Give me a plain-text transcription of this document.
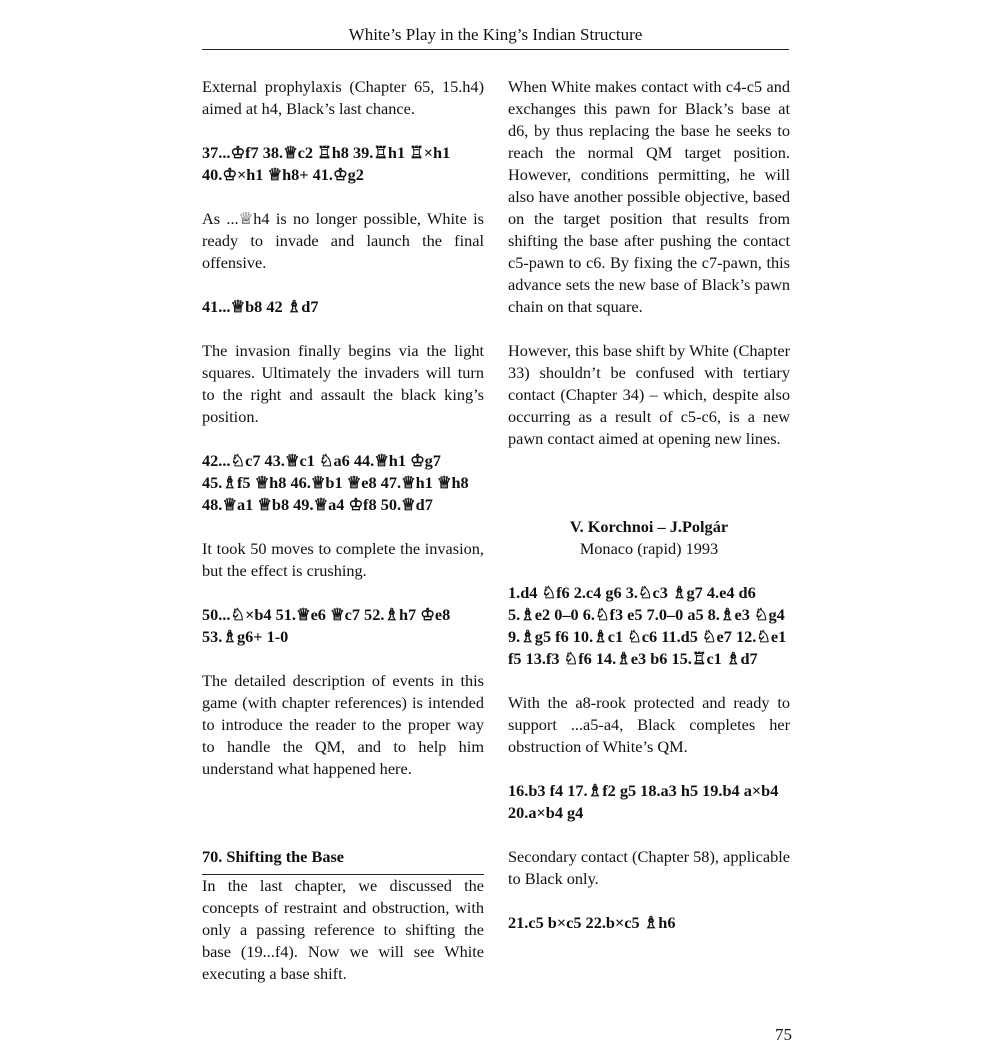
White’s Play in the King’s Indian Structure

External prophylaxis (Chapter 65, 15.h4) aimed at h4, Black’s last chance.

37...♔f7 38.♕c2 ♖h8 39.♖h1 ♖×h1 40.♔×h1 ♕h8+ 41.♔g2

As ...♕h4 is no longer possible, White is ready to invade and launch the final offensive.

41...♕b8 42 ♗d7

The invasion finally begins via the light squares. Ultimately the invaders will turn to the right and assault the black king’s position.

42...♘c7 43.♕c1 ♘a6 44.♕h1 ♔g7 45.♗f5 ♕h8 46.♕b1 ♕e8 47.♕h1 ♕h8 48.♕a1 ♕b8 49.♕a4 ♔f8 50.♕d7

It took 50 moves to complete the invasion, but the effect is crushing.

50...♘×b4 51.♕e6 ♕c7 52.♗h7 ♔e8 53.♗g6+ 1-0

The detailed description of events in this game (with chapter references) is intended to introduce the reader to the proper way to handle the QM, and to help him understand what happened here.

70. Shifting the Base

In the last chapter, we discussed the concepts of restraint and obstruction, with only a passing reference to shifting the base (19...f4). Now we will see White executing a base shift.

When White makes contact with c4-c5 and exchanges this pawn for Black’s base at d6, by thus replacing the base he seeks to reach the normal QM target position. However, conditions permitting, he will also have another possible objective, based on the target position that results from shifting the base after pushing the contact c5-pawn to c6. By fixing the c7-pawn, this advance sets the new base of Black’s pawn chain on that square.

However, this base shift by White (Chapter 33) shouldn’t be confused with tertiary contact (Chapter 34) – which, despite also occurring as a result of c5-c6, is a new pawn contact aimed at opening new lines.

V. Korchnoi – J.Polgár

Monaco (rapid) 1993

1.d4 ♘f6 2.c4 g6 3.♘c3 ♗g7 4.e4 d6 5.♗e2 0–0 6.♘f3 e5 7.0–0 a5 8.♗e3 ♘g4 9.♗g5 f6 10.♗c1 ♘c6 11.d5 ♘e7 12.♘e1 f5 13.f3 ♘f6 14.♗e3 b6 15.♖c1 ♗d7

With the a8-rook protected and ready to support ...a5-a4, Black completes her obstruction of White’s QM.

16.b3 f4 17.♗f2 g5 18.a3 h5 19.b4 a×b4 20.a×b4 g4

Secondary contact (Chapter 58), applicable to Black only.

21.c5 b×c5 22.b×c5 ♗h6

75
